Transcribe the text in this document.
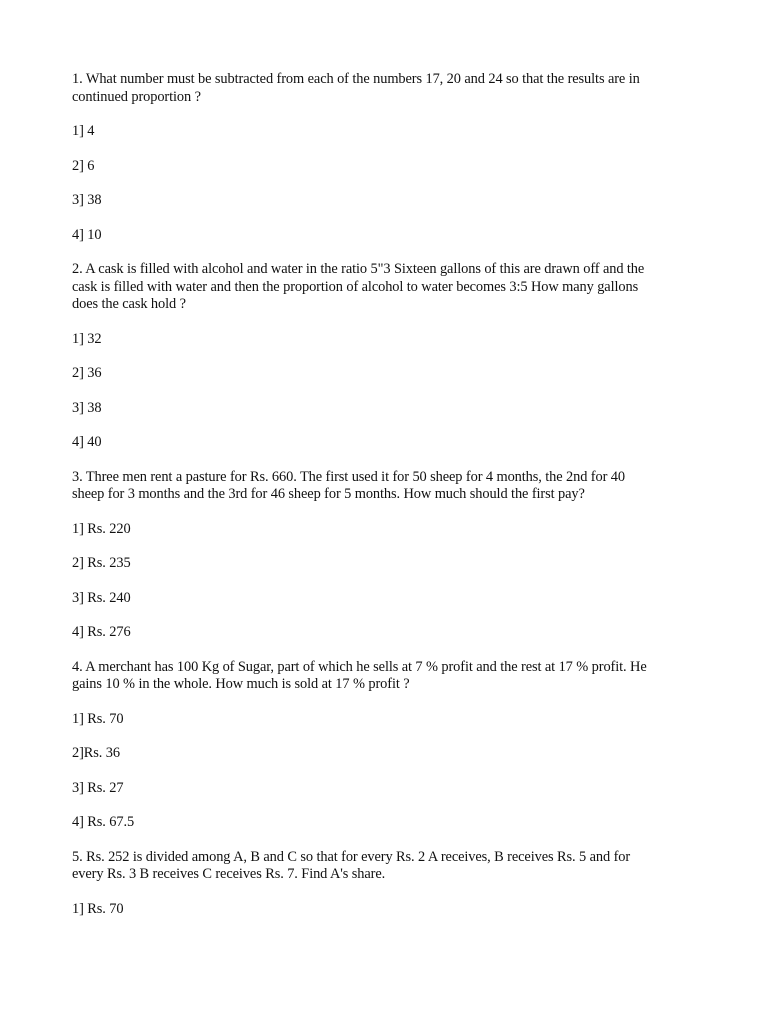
1. What number must be subtracted from each of the numbers 17, 20 and 24 so that the results are in continued proportion ?

1] 4

2] 6

3] 38

4] 10

2. A cask is filled with alcohol and water in the ratio 5"3 Sixteen gallons of this are drawn off and the cask is filled with water and then the proportion of alcohol to water becomes 3:5 How many gallons does the cask hold ?

1] 32

2] 36

3] 38

4] 40

3. Three men rent a pasture for Rs. 660. The first used it for 50 sheep for 4 months, the 2nd for 40 sheep for 3 months and the 3rd for 46 sheep for 5 months. How much should the first pay?

1] Rs. 220

2] Rs. 235

3] Rs. 240

4] Rs. 276

4. A merchant has 100 Kg of Sugar, part of which he sells at 7 % profit and the rest at 17 % profit. He gains 10 % in the whole. How much is sold at 17 % profit ?

1] Rs. 70

2]Rs. 36

3] Rs. 27

4] Rs. 67.5

5. Rs. 252 is divided among A, B and C so that for every Rs. 2 A receives, B receives Rs. 5 and for every Rs. 3 B receives C receives Rs. 7. Find A's share.

1] Rs. 70
